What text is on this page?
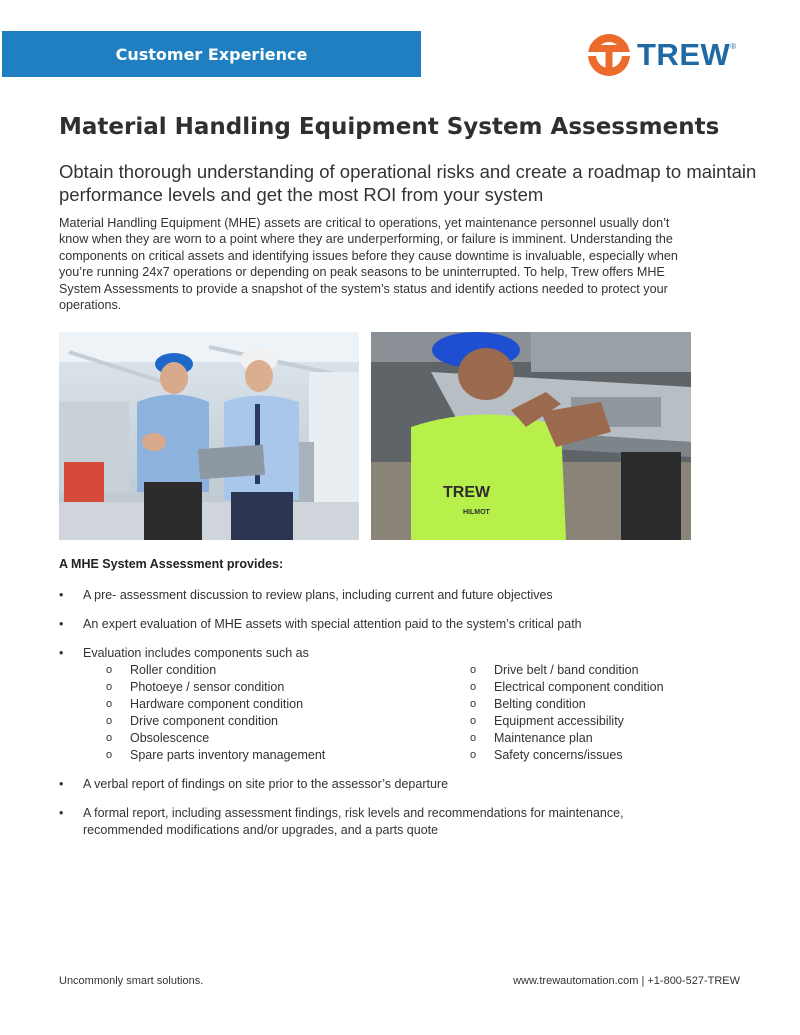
Customer Experience	TREW ®
Material Handling Equipment System Assessments

Obtain thorough understanding of operational risks and create a roadmap to maintain performance levels and get the most ROI from your system

Material Handling Equipment (MHE) assets are critical to operations, yet maintenance personnel usually don’t know when they are worn to a point where they are underperforming, or failure is imminent. Understanding the components on critical assets and identifying issues before they cause downtime is invaluable, especially when you’re running 24x7 operations or depending on peak seasons to be uninterrupted. To help, Trew offers MHE System Assessments to provide a snapshot of the system’s status and identify actions needed to protect your operations.

TREW
HILMOT

A MHE System Assessment provides:

• A pre- assessment discussion to review plans, including current and future objectives
• An expert evaluation of MHE assets with special attention paid to the system’s critical path
• Evaluation includes components such as
o Roller condition
o Photoeye / sensor condition
o Hardware component condition
o Drive component condition
o Obsolescence
o Spare parts inventory management
o Drive belt / band condition
o Electrical component condition
o Belting condition
o Equipment accessibility
o Maintenance plan
o Safety concerns/issues
• A verbal report of findings on site prior to the assessor’s departure
• A formal report, including assessment findings, risk levels and recommendations for maintenance, recommended modifications and/or upgrades, and a parts quote
Uncommonly smart solutions.	www.trewautomation.com | +1-800-527-TREW
